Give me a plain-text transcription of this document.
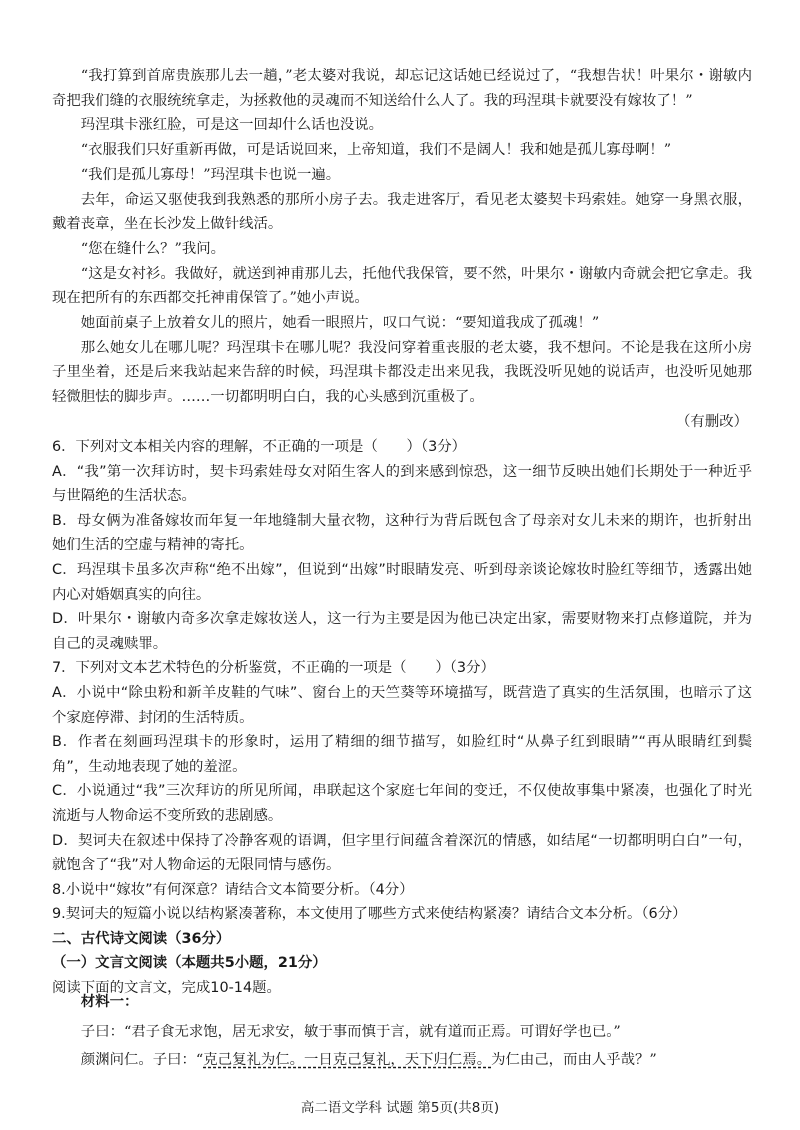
“我打算到首席贵族那儿去一趟，”老太婆对我说，却忘记这话她已经说过了，“我想告状！叶果尔・谢敏内奇把我们缝的衣服统统拿走，为拯救他的灵魂而不知送给什么人了。我的玛涅琪卡就要没有嫁妆了！”

玛涅琪卡涨红脸，可是这一回却什么话也没说。

“衣服我们只好重新再做，可是话说回来，上帝知道，我们不是阔人！我和她是孤儿寡母啊！”

“我们是孤儿寡母！”玛涅琪卡也说一遍。

去年，命运又驱使我到我熟悉的那所小房子去。我走进客厅，看见老太婆契卡玛索娃。她穿一身黑衣服，戴着丧章，坐在长沙发上做针线活。

“您在缝什么？”我问。

“这是女衬衫。我做好，就送到神甫那儿去，托他代我保管，要不然，叶果尔・谢敏内奇就会把它拿走。我现在把所有的东西都交托神甫保管了。”她小声说。

她面前桌子上放着女儿的照片，她看一眼照片，叹口气说：“要知道我成了孤魂！”

那么她女儿在哪儿呢？玛涅琪卡在哪儿呢？我没问穿着重丧服的老太婆，我不想问。不论是我在这所小房子里坐着，还是后来我站起来告辞的时候，玛涅琪卡都没走出来见我，我既没听见她的说话声，也没听见她那轻微胆怯的脚步声。……一切都明明白白，我的心头感到沉重极了。

（有删改）

6．下列对文本相关内容的理解，不正确的一项是（　　）（3分）

A．“我”第一次拜访时，契卡玛索娃母女对陌生客人的到来感到惊恐，这一细节反映出她们长期处于一种近乎与世隔绝的生活状态。

B．母女俩为准备嫁妆而年复一年地缝制大量衣物，这种行为背后既包含了母亲对女儿未来的期许，也折射出她们生活的空虚与精神的寄托。

C．玛涅琪卡虽多次声称“绝不出嫁”，但说到“出嫁”时眼睛发亮、听到母亲谈论嫁妆时脸红等细节，透露出她内心对婚姻真实的向往。

D．叶果尔・谢敏内奇多次拿走嫁妆送人，这一行为主要是因为他已决定出家，需要财物来打点修道院，并为自己的灵魂赎罪。

7．下列对文本艺术特色的分析鉴赏，不正确的一项是（　　）（3分）

A．小说中“除虫粉和新羊皮鞋的气味”、窗台上的天竺葵等环境描写，既营造了真实的生活氛围，也暗示了这个家庭停滞、封闭的生活特质。

B．作者在刻画玛涅琪卡的形象时，运用了精细的细节描写，如脸红时“从鼻子红到眼睛”“再从眼睛红到鬓角”，生动地表现了她的羞涩。

C．小说通过“我”三次拜访的所见所闻，串联起这个家庭七年间的变迁，不仅使故事集中紧凑，也强化了时光流逝与人物命运不变所致的悲剧感。

D．契诃夫在叙述中保持了冷静客观的语调，但字里行间蕴含着深沉的情感，如结尾“一切都明明白白”一句，就饱含了“我”对人物命运的无限同情与感伤。

8.小说中“嫁妆”有何深意？请结合文本简要分析。（4分）

9.契诃夫的短篇小说以结构紧凑著称，本文使用了哪些方式来使结构紧凑？请结合文本分析。（6分）

二、古代诗文阅读（36分）

（一）文言文阅读（本题共5小题，21分）

阅读下面的文言文，完成10-14题。

材料一：

子曰：“君子食无求饱，居无求安，敏于事而慎于言，就有道而正焉。可谓好学也已。”

颜渊问仁。子曰：“克己复礼为仁。一日克己复礼，天下归仁焉。为仁由己，而由人乎哉？”

高二语文学科 试题 第5页(共8页)
